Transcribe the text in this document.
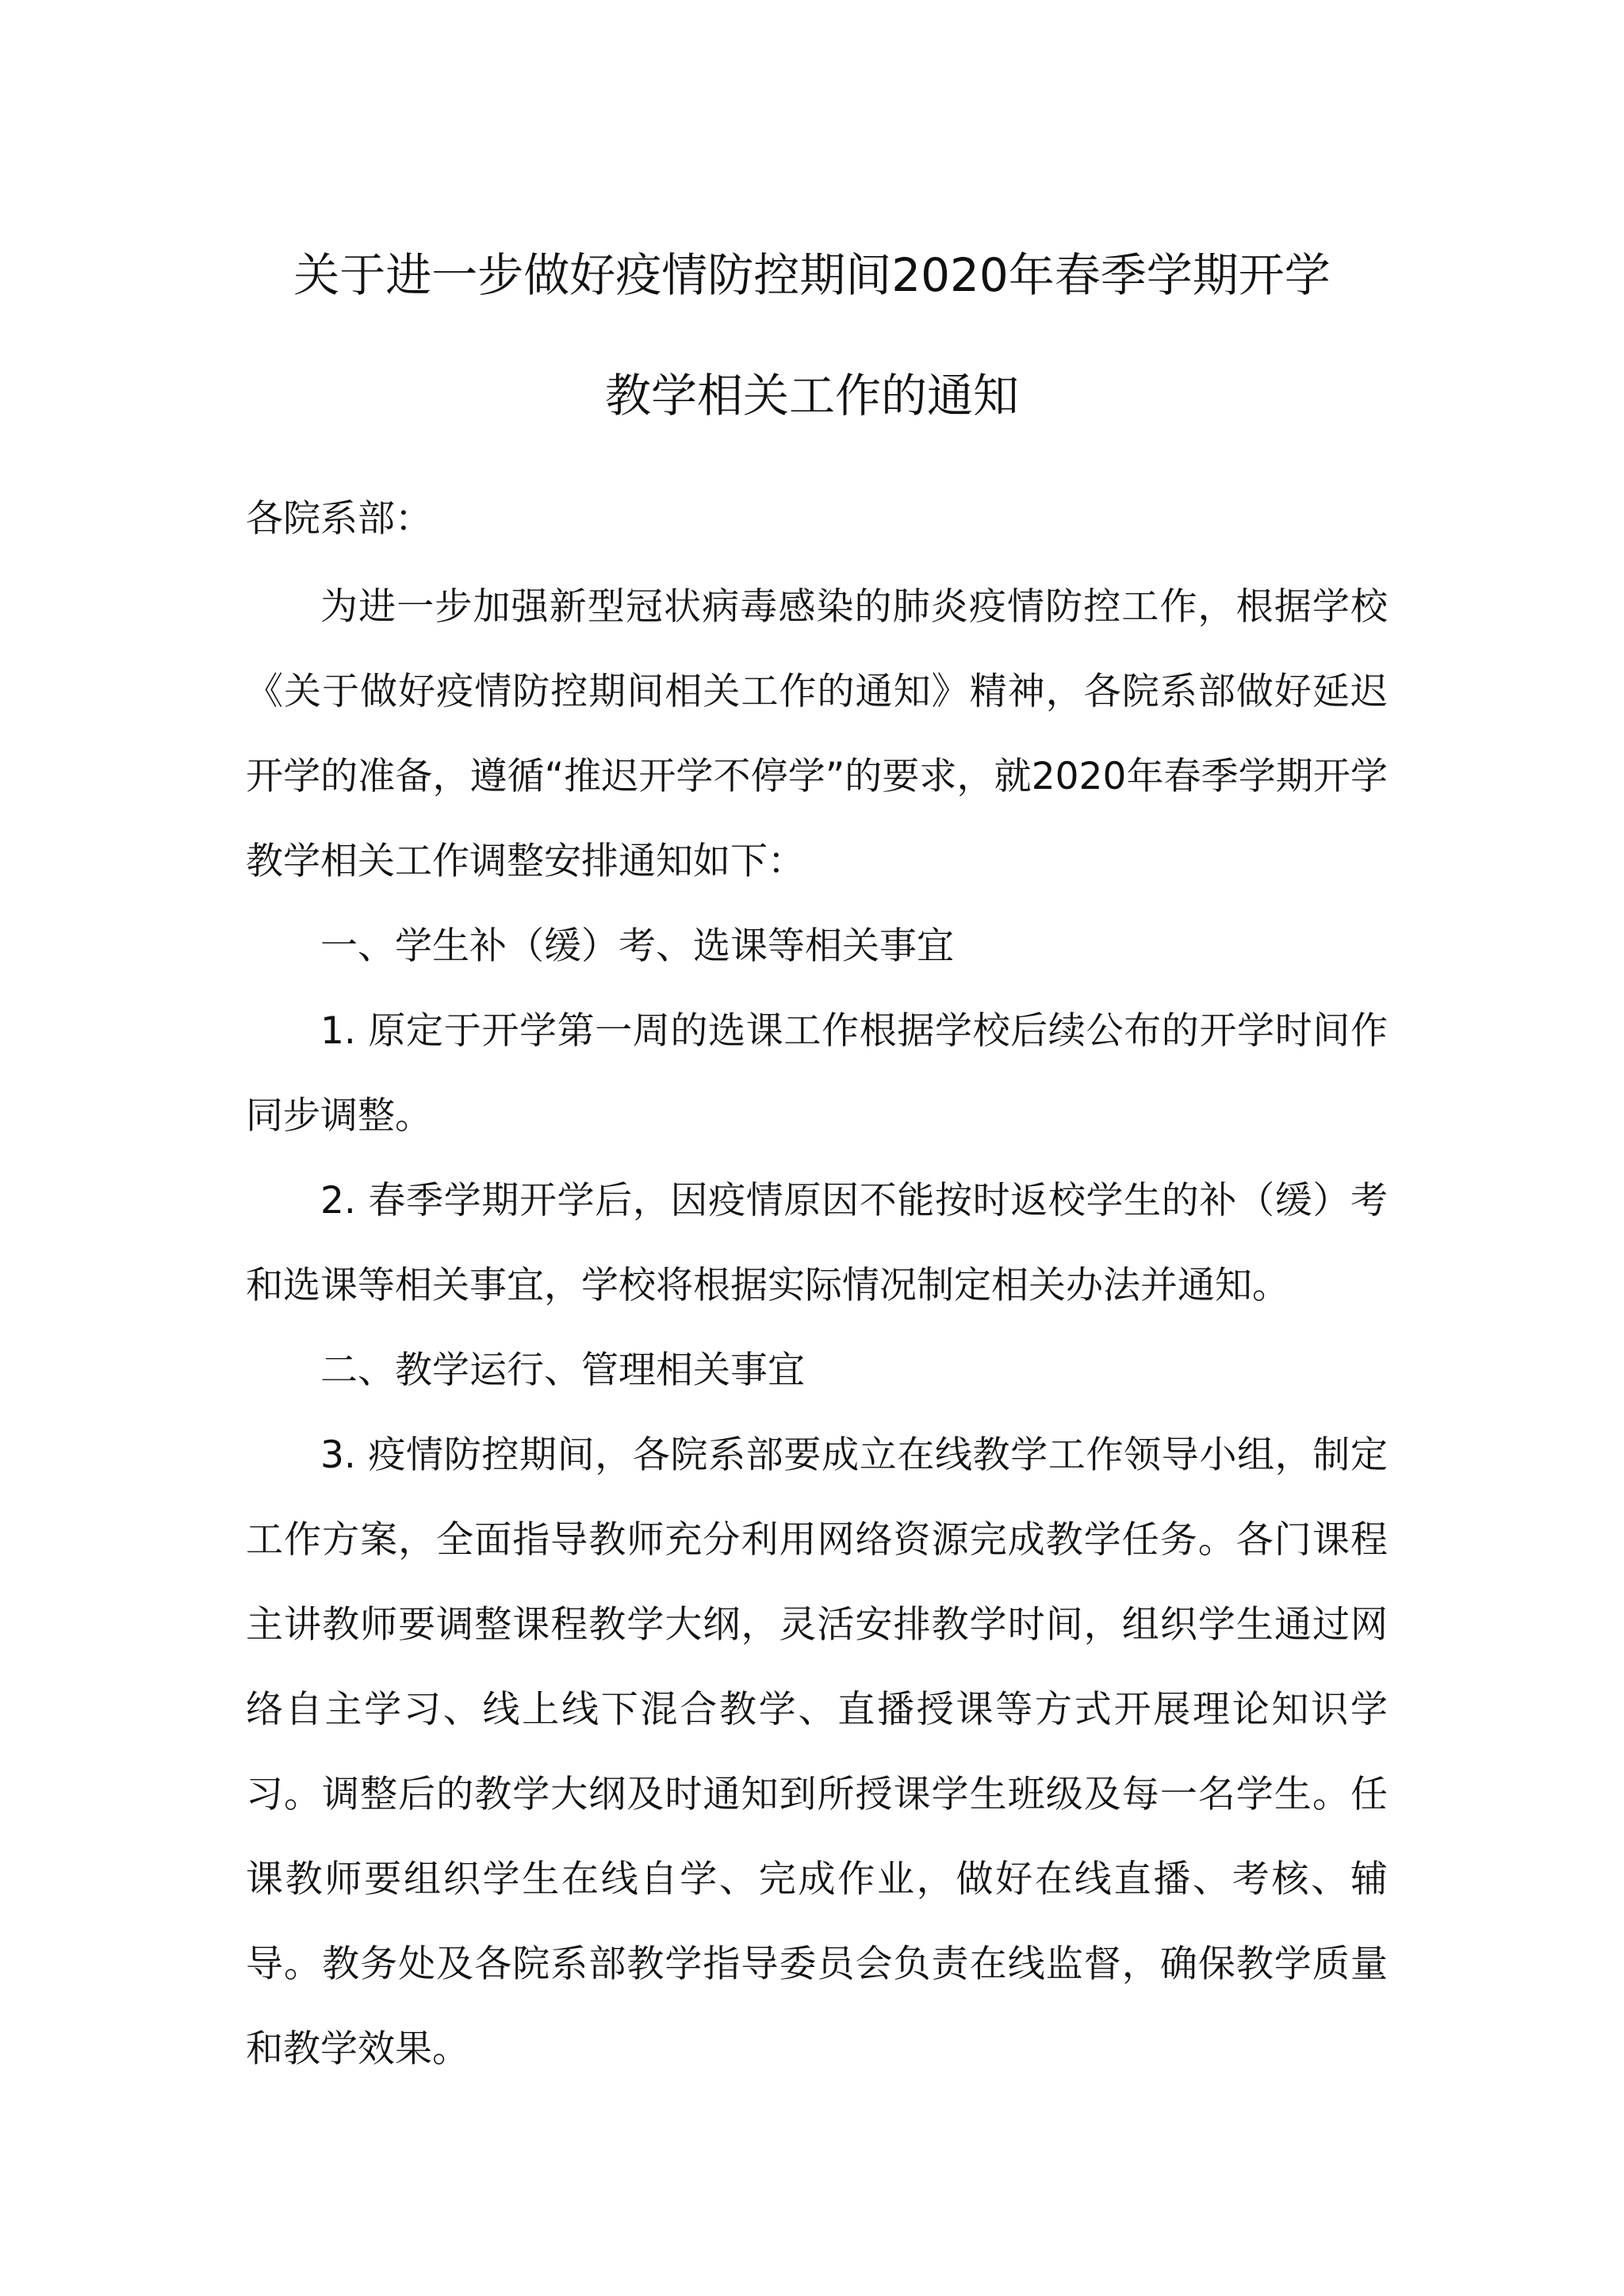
关于进一步做好疫情防控期间2020年春季学期开学
教学相关工作的通知
各院系部：

为进一步加强新型冠状病毒感染的肺炎疫情防控工作，根据学校《关于做好疫情防控期间相关工作的通知》精神，各院系部做好延迟开学的准备，遵循“推迟开学不停学”的要求，就2020年春季学期开学教学相关工作调整安排通知如下：

一、学生补（缓）考、选课等相关事宜

1. 原定于开学第一周的选课工作根据学校后续公布的开学时间作同步调整。

2. 春季学期开学后，因疫情原因不能按时返校学生的补（缓）考和选课等相关事宜，学校将根据实际情况制定相关办法并通知。

二、教学运行、管理相关事宜

3. 疫情防控期间，各院系部要成立在线教学工作领导小组，制定工作方案，全面指导教师充分利用网络资源完成教学任务。各门课程主讲教师要调整课程教学大纲，灵活安排教学时间，组织学生通过网络自主学习、线上线下混合教学、直播授课等方式开展理论知识学习。调整后的教学大纲及时通知到所授课学生班级及每一名学生。任课教师要组织学生在线自学、完成作业，做好在线直播、考核、辅导。教务处及各院系部教学指导委员会负责在线监督，确保教学质量和教学效果。
